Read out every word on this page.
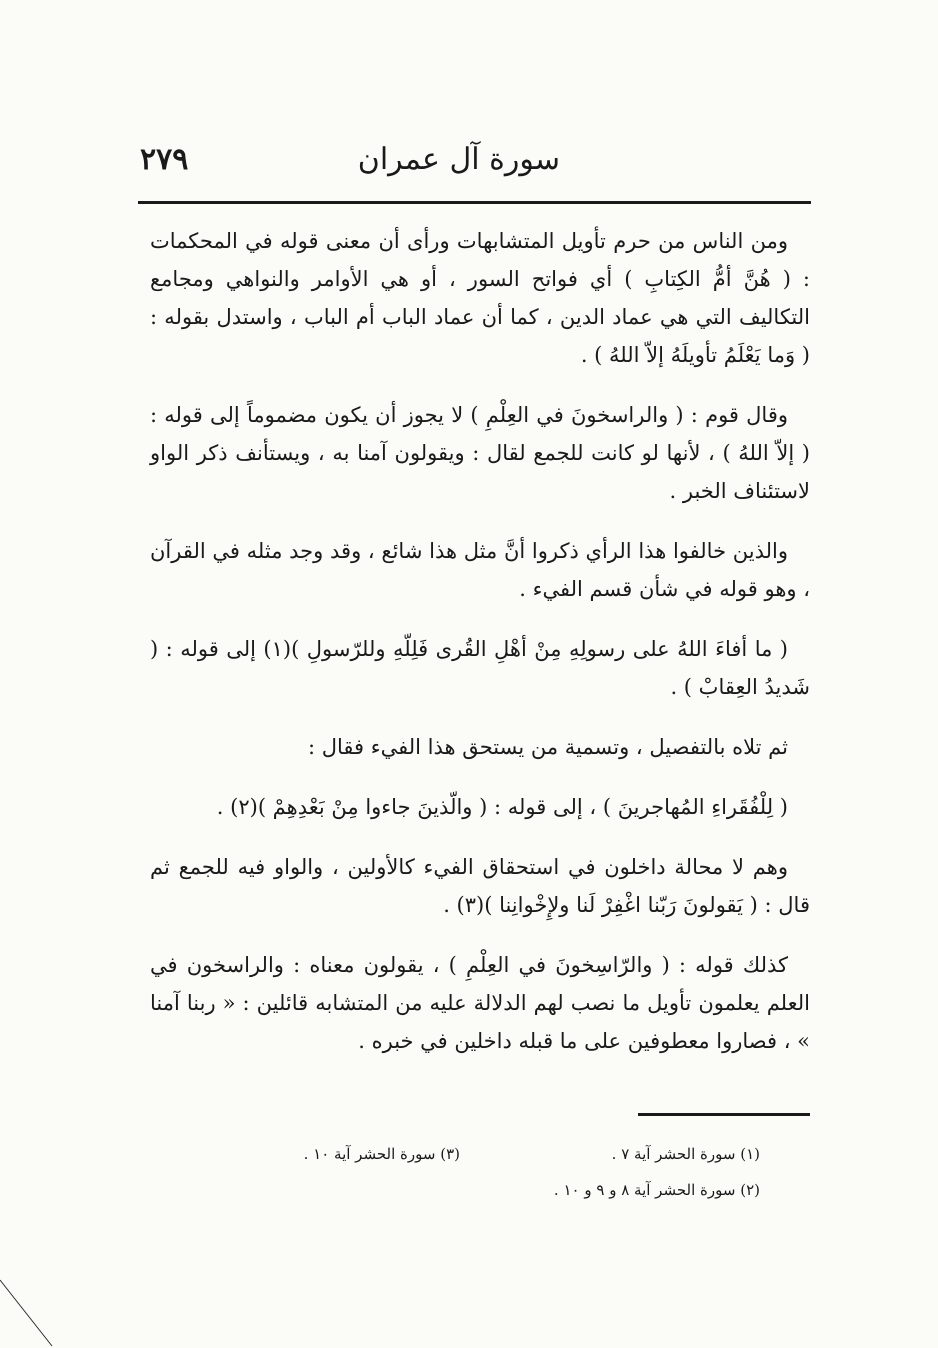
سورة آل عمران
٢٧٩

ومن الناس من حرم تأويل المتشابهات ورأى أن معنى قوله في المحكمات : ( هُنَّ أمُّ الكِتابِ ) أي فواتح السور ، أو هي الأوامر والنواهي ومجامع التكاليف التي هي عماد الدين ، كما أن عماد الباب أم الباب ، واستدل بقوله : ( وَما يَعْلَمُ تأويلَهُ إلاّ اللهُ ) .

وقال قوم : ( والراسخونَ في العِلْمِ ) لا يجوز أن يكون مضموماً إلى قوله : ( إلاّ اللهُ ) ، لأنها لو كانت للجمع لقال : ويقولون آمنا به ، ويستأنف ذكر الواو لاستئناف الخبر .

والذين خالفوا هذا الرأي ذكروا أنَّ مثل هذا شائع ، وقد وجد مثله في القرآن ، وهو قوله في شأن قسم الفيء .

( ما أفاءَ اللهُ على رسولِهِ مِنْ أهْلِ القُرى فَلِلّهِ وللرّسولِ )(١) إلى قوله : ( شَديدُ العِقابْ ) .

ثم تلاه بالتفصيل ، وتسمية من يستحق هذا الفيء فقال :

( لِلْفُقَراءِ المُهاجرينَ ) ، إلى قوله : ( والّذينَ جاءوا مِنْ بَعْدِهِمْ )(٢) .

وهم لا محالة داخلون في استحقاق الفيء كالأولين ، والواو فيه للجمع ثم قال : ( يَقولونَ رَبّنا اغْفِرْ لَنا ولإِخْوانِنا )(٣) .

كذلك قوله : ( والرّاسِخونَ في العِلْمِ ) ، يقولون معناه : والراسخون في العلم يعلمون تأويل ما نصب لهم الدلالة عليه من المتشابه قائلين : « ربنا آمنا » ، فصاروا معطوفين على ما قبله داخلين في خبره .

(١) سورة الحشر آية ٧ .
(٣) سورة الحشر آية ١٠ .
(٢) سورة الحشر آية ٨ و ٩ و ١٠ .
